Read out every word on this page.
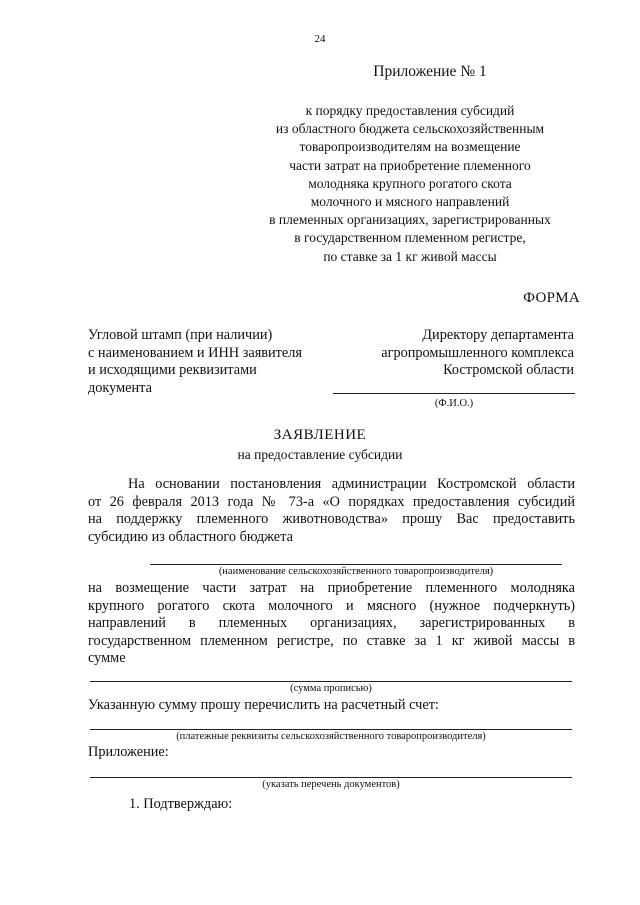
24
Приложение № 1
к порядку предоставления субсидий
из областного бюджета сельскохозяйственным
товаропроизводителям на возмещение
части затрат на приобретение племенного
молодняка крупного рогатого скота
молочного и мясного направлений
в племенных организациях, зарегистрированных
в государственном племенном регистре,
по ставке за 1 кг живой массы
ФОРМА
Угловой штамп (при наличии)
с наименованием и ИНН заявителя
и исходящими реквизитами
документа
Директору департамента
агропромышленного комплекса
Костромской области
(Ф.И.О.)
ЗАЯВЛЕНИЕ
на предоставление субсидии
На основании постановления администрации Костромской области
от 26 февраля 2013 года № 73-а «О порядках предоставления субсидий
на поддержку племенного животноводства» прошу Вас предоставить
субсидию из областного бюджета
(наименование сельскохозяйственного товаропроизводителя)
на возмещение части затрат на приобретение племенного молодняка
крупного рогатого скота молочного и мясного (нужное подчеркнуть)
направлений в племенных организациях, зарегистрированных в
государственном племенном регистре, по ставке за 1 кг живой массы в
сумме
(сумма прописью)
Указанную сумму прошу перечислить на расчетный счет:
(платежные реквизиты сельскохозяйственного товаропроизводителя)
Приложение:
(указать перечень документов)
1. Подтверждаю:
